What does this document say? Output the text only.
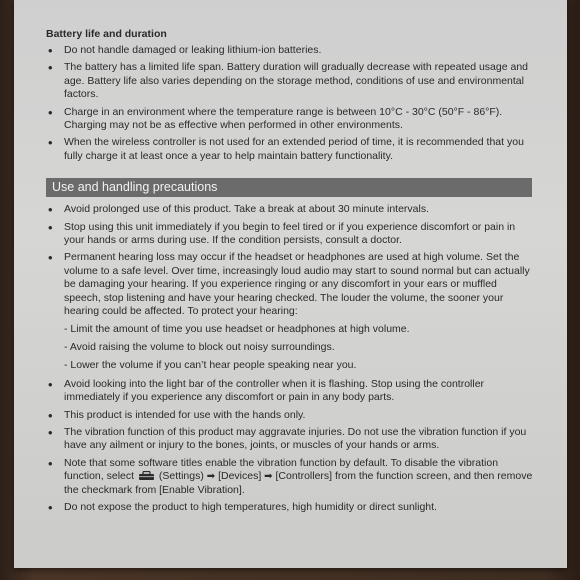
Battery life and duration
• Do not handle damaged or leaking lithium-ion batteries.
• The battery has a limited life span. Battery duration will gradually decrease with repeated usage and age. Battery life also varies depending on the storage method, conditions of use and environmental factors.
• Charge in an environment where the temperature range is between 10°C - 30°C (50°F - 86°F). Charging may not be as effective when performed in other environments.
• When the wireless controller is not used for an extended period of time, it is recommended that you fully charge it at least once a year to help maintain battery functionality.
Use and handling precautions
• Avoid prolonged use of this product. Take a break at about 30 minute intervals.
• Stop using this unit immediately if you begin to feel tired or if you experience discomfort or pain in your hands or arms during use. If the condition persists, consult a doctor.
• Permanent hearing loss may occur if the headset or headphones are used at high volume. Set the volume to a safe level. Over time, increasingly loud audio may start to sound normal but can actually be damaging your hearing. If you experience ringing or any discomfort in your ears or muffled speech, stop listening and have your hearing checked. The louder the volume, the sooner your hearing could be affected. To protect your hearing:
- Limit the amount of time you use headset or headphones at high volume.
- Avoid raising the volume to block out noisy surroundings.
- Lower the volume if you can’t hear people speaking near you.
• Avoid looking into the light bar of the controller when it is flashing. Stop using the controller immediately if you experience any discomfort or pain in any body parts.
• This product is intended for use with the hands only.
• The vibration function of this product may aggravate injuries. Do not use the vibration function if you have any ailment or injury to the bones, joints, or muscles of your hands or arms.
• Note that some software titles enable the vibration function by default. To disable the vibration function, select (Settings) ➡ [Devices] ➡ [Controllers] from the function screen, and then remove the checkmark from [Enable Vibration].
• Do not expose the product to high temperatures, high humidity or direct sunlight.
